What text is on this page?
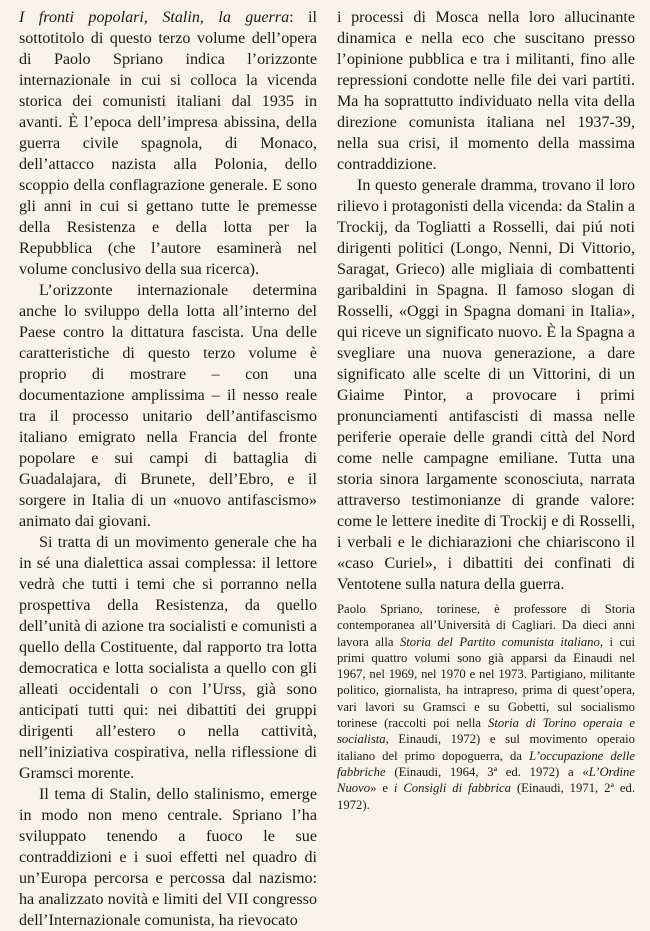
I fronti popolari, Stalin, la guerra: il sottotitolo di questo terzo volume dell’opera di Paolo Spriano indica l’orizzonte internazionale in cui si colloca la vicenda storica dei comunisti italiani dal 1935 in avanti. È l’epoca dell’impresa abissina, della guerra civile spagnola, di Monaco, dell’attacco nazista alla Polonia, dello scoppio della conflagrazione generale. E sono gli anni in cui si gettano tutte le premesse della Resistenza e della lotta per la Repubblica (che l’autore esaminerà nel volume conclusivo della sua ricerca).

L’orizzonte internazionale determina anche lo sviluppo della lotta all’interno del Paese contro la dittatura fascista. Una delle caratteristiche di questo terzo volume è proprio di mostrare – con una documentazione amplissima – il nesso reale tra il processo unitario dell’antifascismo italiano emigrato nella Francia del fronte popolare e sui campi di battaglia di Guadalajara, di Brunete, dell’Ebro, e il sorgere in Italia di un «nuovo antifascismo» animato dai giovani.

Si tratta di un movimento generale che ha in sé una dialettica assai complessa: il lettore vedrà che tutti i temi che si porranno nella prospettiva della Resistenza, da quello dell’unità di azione tra socialisti e comunisti a quello della Costituente, dal rapporto tra lotta democratica e lotta socialista a quello con gli alleati occidentali o con l’Urss, già sono anticipati tutti qui: nei dibattiti dei gruppi dirigenti all’estero o nella cattività, nell’iniziativa cospirativa, nella riflessione di Gramsci morente.

Il tema di Stalin, dello stalinismo, emerge in modo non meno centrale. Spriano l’ha sviluppato tenendo a fuoco le sue contraddizioni e i suoi effetti nel quadro di un’Europa percorsa e percossa dal nazismo: ha analizzato novità e limiti del VII congresso dell’Internazionale comunista, ha rievocato

i processi di Mosca nella loro allucinante dinamica e nella eco che suscitano presso l’opinione pubblica e tra i militanti, fino alle repressioni condotte nelle file dei vari partiti. Ma ha soprattutto individuato nella vita della direzione comunista italiana nel 1937-39, nella sua crisi, il momento della massima contraddizione.

In questo generale dramma, trovano il loro rilievo i protagonisti della vicenda: da Stalin a Trockij, da Togliatti a Rosselli, dai piú noti dirigenti politici (Longo, Nenni, Di Vittorio, Saragat, Grieco) alle migliaia di combattenti garibaldini in Spagna. Il famoso slogan di Rosselli, «Oggi in Spagna domani in Italia», qui riceve un significato nuovo. È la Spagna a svegliare una nuova generazione, a dare significato alle scelte di un Vittorini, di un Giaime Pintor, a provocare i primi pronunciamenti antifascisti di massa nelle periferie operaie delle grandi città del Nord come nelle campagne emiliane. Tutta una storia sinora largamente sconosciuta, narrata attraverso testimonianze di grande valore: come le lettere inedite di Trockij e di Rosselli, i verbali e le dichiarazioni che chiariscono il «caso Curiel», i dibattiti dei confinati di Ventotene sulla natura della guerra.

Paolo Spriano, torinese, è professore di Storia contemporanea all’Università di Cagliari. Da dieci anni lavora alla Storia del Partito comunista italiano, i cui primi quattro volumi sono già apparsi da Einaudi nel 1967, nel 1969, nel 1970 e nel 1973. Partigiano, militante politico, giornalista, ha intrapreso, prima di quest’opera, vari lavori su Gramsci e su Gobetti, sul socialismo torinese (raccolti poi nella Storia di Torino operaia e socialista, Einaudi, 1972) e sul movimento operaio italiano del primo dopoguerra, da L’occupazione delle fabbriche (Einaudi, 1964, 3ª ed. 1972) a «L’Ordine Nuovo» e i Consigli di fabbrica (Einaudi, 1971, 2ª ed. 1972).
